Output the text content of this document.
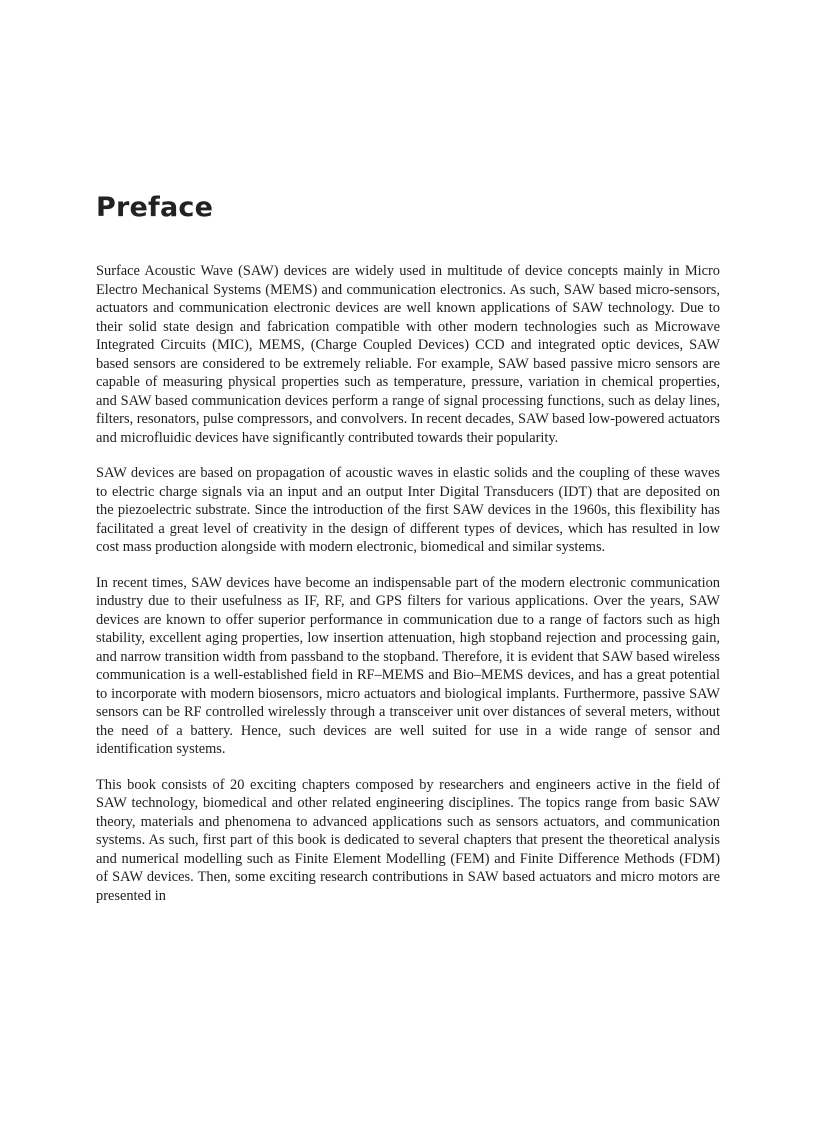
Preface

Surface Acoustic Wave (SAW) devices are widely used in multitude of device concepts mainly in Micro Electro Mechanical Systems (MEMS) and communication electronics. As such, SAW based micro-sensors, actuators and communication electronic devices are well known applications of SAW technology. Due to their solid state design and fabrication compatible with other modern technologies such as Microwave Integrated Circuits (MIC), MEMS, (Charge Coupled Devices) CCD and integrated optic devices, SAW based sensors are considered to be extremely reliable. For example, SAW based passive micro sensors are capable of measuring physical properties such as temperature, pressure, variation in chemical properties, and SAW based communication devices perform a range of signal processing functions, such as delay lines, filters, resonators, pulse compressors, and convolvers. In recent decades, SAW based low-powered actuators and microfluidic devices have significantly contributed towards their popularity.

SAW devices are based on propagation of acoustic waves in elastic solids and the coupling of these waves to electric charge signals via an input and an output Inter Digital Transducers (IDT) that are deposited on the piezoelectric substrate. Since the introduction of the first SAW devices in the 1960s, this flexibility has facilitated a great level of creativity in the design of different types of devices, which has resulted in low cost mass production alongside with modern electronic, biomedical and similar systems.

In recent times, SAW devices have become an indispensable part of the modern electronic communication industry due to their usefulness as IF, RF, and GPS filters for various applications. Over the years, SAW devices are known to offer superior performance in communication due to a range of factors such as high stability, excellent aging properties, low insertion attenuation, high stopband rejection and processing gain, and narrow transition width from passband to the stopband. Therefore, it is evident that SAW based wireless communication is a well-established field in RF–MEMS and Bio–MEMS devices, and has a great potential to incorporate with modern biosensors, micro actuators and biological implants. Furthermore, passive SAW sensors can be RF controlled wirelessly through a transceiver unit over distances of several meters, without the need of a battery. Hence, such devices are well suited for use in a wide range of sensor and identification systems.

This book consists of 20 exciting chapters composed by researchers and engineers active in the field of SAW technology, biomedical and other related engineering disciplines. The topics range from basic SAW theory, materials and phenomena to advanced applications such as sensors actuators, and communication systems. As such, first part of this book is dedicated to several chapters that present the theoretical analysis and numerical modelling such as Finite Element Modelling (FEM) and Finite Difference Methods (FDM) of SAW devices. Then, some exciting research contributions in SAW based actuators and micro motors are presented in
